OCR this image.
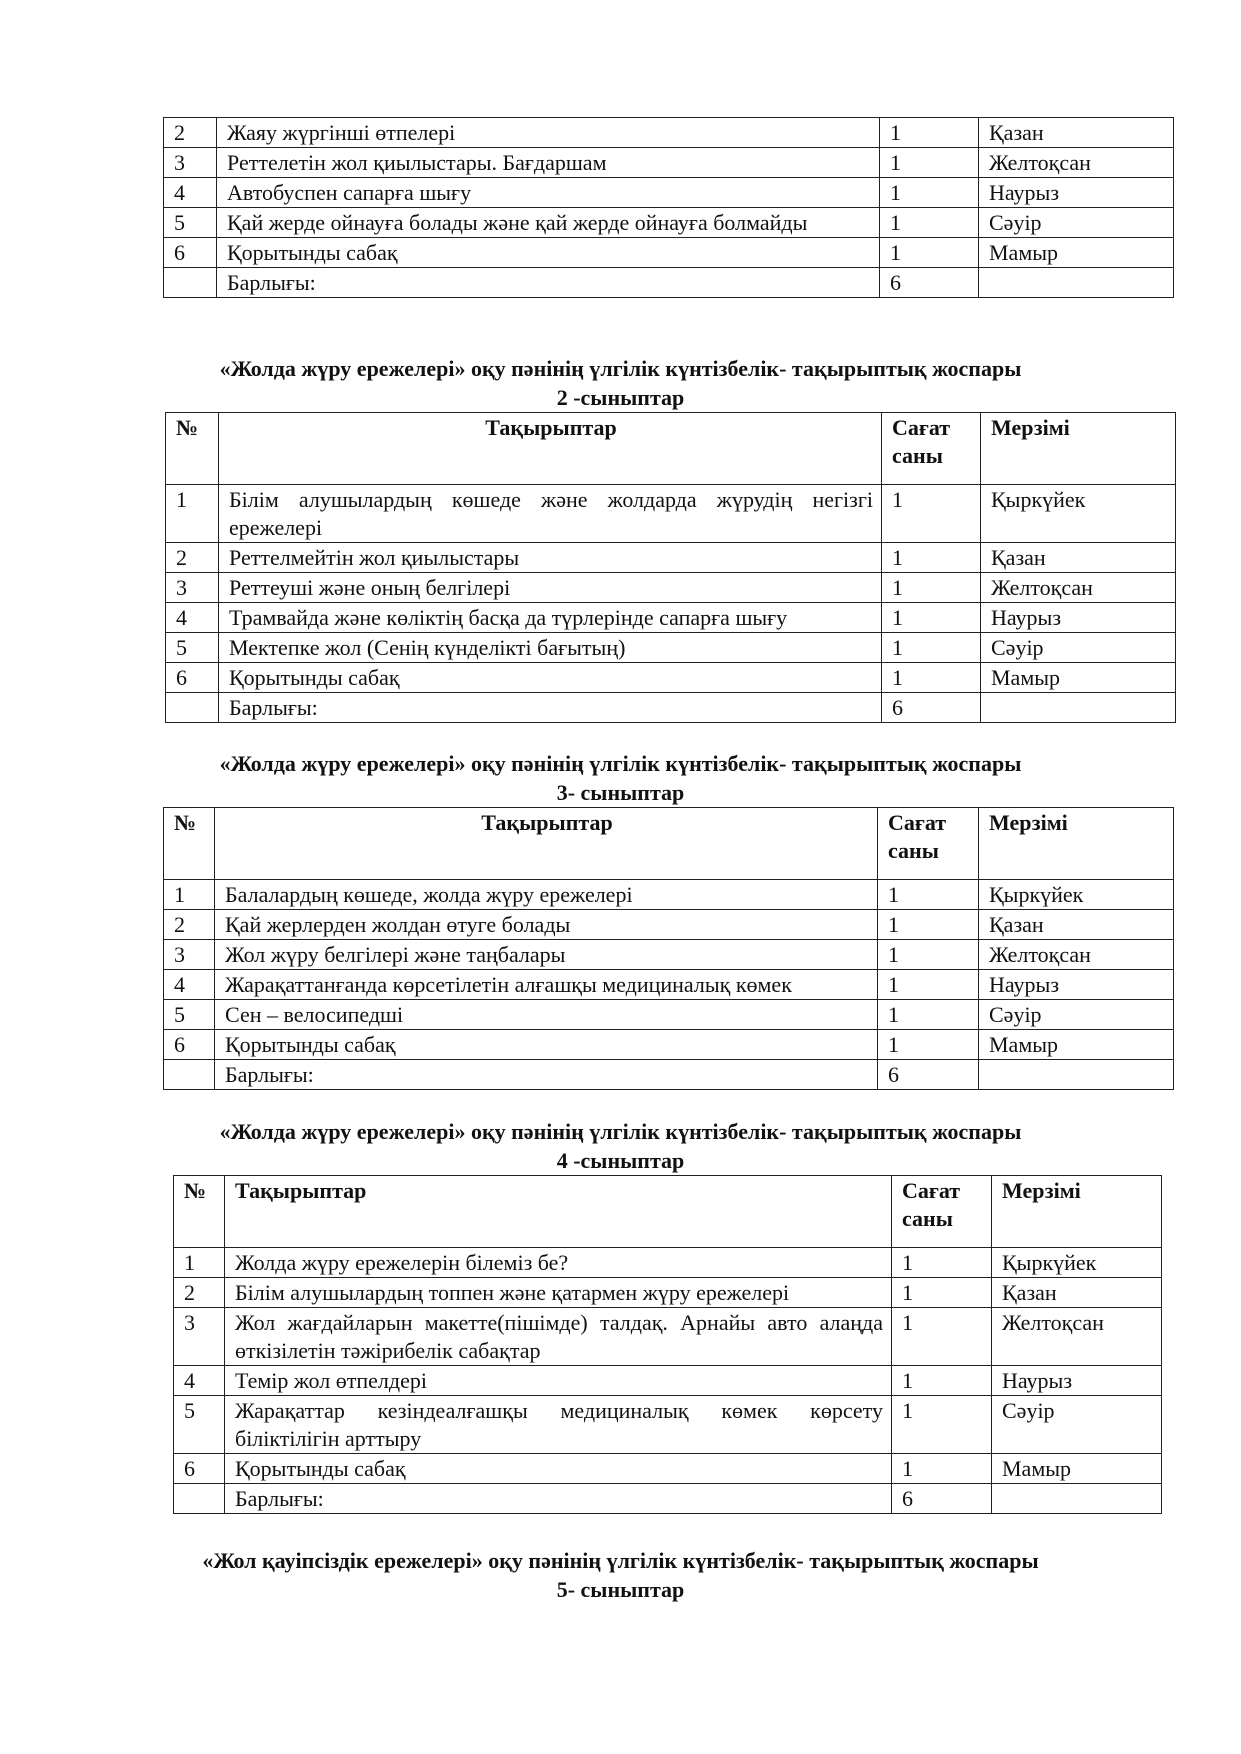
2	Жаяу жүргінші өтпелері	1	Қазан
3	Реттелетін жол қиылыстары. Бағдаршам	1	Желтоқсан
4	Автобуспен сапарға шығу	1	Наурыз
5	Қай жерде ойнауға болады және қай жерде ойнауға болмайды	1	Сәуір
6	Қорытынды сабақ	1	Мамыр
	Барлығы:	6	
«Жолда жүру ережелері» оқу пәнінің үлгілік күнтізбелік- тақырыптық жоспары
2 -сыныптар
№	Тақырыптар	Сағат саны	Мерзімі
1	Білім алушылардың көшеде және жолдарда жүрудің негізгі ережелері	1	Қыркүйек
2	Реттелмейтін жол қиылыстары	1	Қазан
3	Реттеуші және оның белгілері	1	Желтоқсан
4	Трамвайда және көліктің басқа да түрлерінде сапарға шығу	1	Наурыз
5	Мектепке жол (Сенің күнделікті бағытың)	1	Сәуір
6	Қорытынды сабақ	1	Мамыр
	Барлығы:	6	
«Жолда жүру ережелері» оқу пәнінің үлгілік күнтізбелік- тақырыптық жоспары
3- сыныптар
№	Тақырыптар	Сағат саны	Мерзімі
1	Балалардың көшеде, жолда жүру ережелері	1	Қыркүйек
2	Қай жерлерден жолдан өтуге болады	1	Қазан
3	Жол жүру белгілері және таңбалары	1	Желтоқсан
4	Жарақаттанғанда көрсетілетін алғашқы медициналық көмек	1	Наурыз
5	Сен – велосипедші	1	Сәуір
6	Қорытынды сабақ	1	Мамыр
	Барлығы:	6	
«Жолда жүру ережелері» оқу пәнінің үлгілік күнтізбелік- тақырыптық жоспары
4 -сыныптар
№	Тақырыптар	Сағат саны	Мерзімі
1	Жолда жүру ережелерін білеміз бе?	1	Қыркүйек
2	Білім алушылардың топпен және қатармен жүру ережелері	1	Қазан
3	Жол жағдайларын макетте(пішімде) талдақ. Арнайы авто алаңда өткізілетін тәжірибелік сабақтар	1	Желтоқсан
4	Темір жол өтпелдері	1	Наурыз
5	Жарақаттар кезіндеалғашқы медициналық көмек көрсету біліктілігін арттыру	1	Сәуір
6	Қорытынды сабақ	1	Мамыр
	Барлығы:	6	
«Жол қауіпсіздік ережелері» оқу пәнінің үлгілік күнтізбелік- тақырыптық жоспары
5- сыныптар
